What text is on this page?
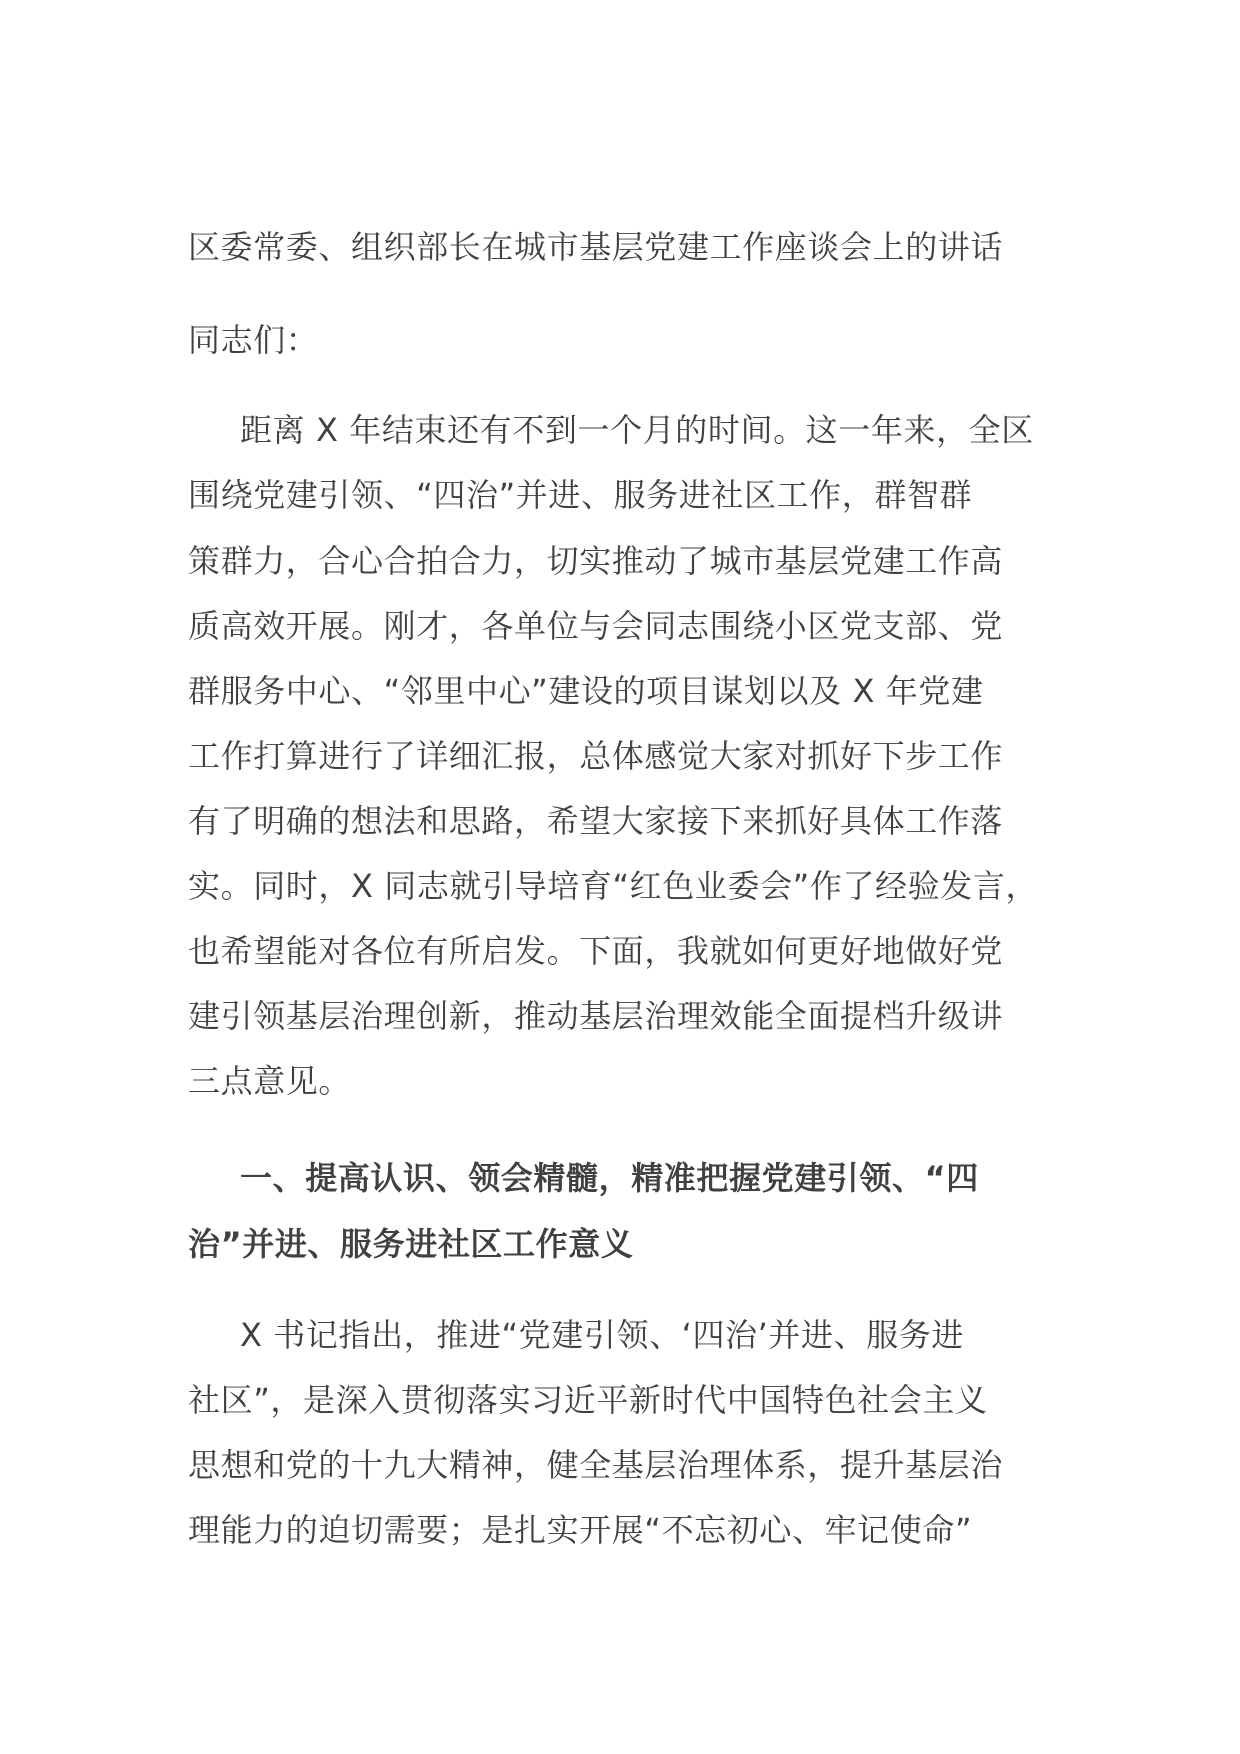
区委常委、组织部长在城市基层党建工作座谈会上的讲话
同志们：
距离 X 年结束还有不到一个月的时间。这一年来，全区
围绕党建引领、“四治”并进、服务进社区工作，群智群
策群力，合心合拍合力，切实推动了城市基层党建工作高
质高效开展。刚才，各单位与会同志围绕小区党支部、党
群服务中心、“邻里中心”建设的项目谋划以及 X 年党建
工作打算进行了详细汇报，总体感觉大家对抓好下步工作
有了明确的想法和思路，希望大家接下来抓好具体工作落
实。同时，X 同志就引导培育“红色业委会”作了经验发言，
也希望能对各位有所启发。下面，我就如何更好地做好党
建引领基层治理创新，推动基层治理效能全面提档升级讲
三点意见。
一、提高认识、领会精髓，精准把握党建引领、“四
治”并进、服务进社区工作意义
X 书记指出，推进“党建引领、‘四治’并进、服务进
社区”，是深入贯彻落实习近平新时代中国特色社会主义
思想和党的十九大精神，健全基层治理体系，提升基层治
理能力的迫切需要；是扎实开展“不忘初心、牢记使命”
